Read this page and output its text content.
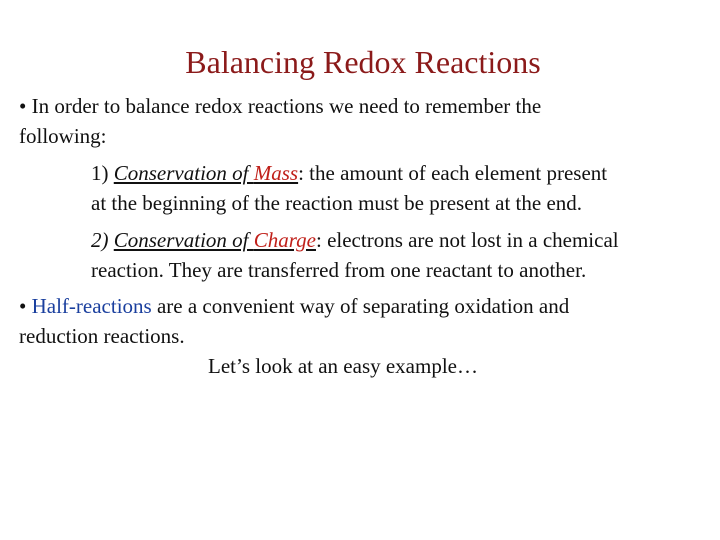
Balancing Redox Reactions
• In order to balance redox reactions we need to remember the
following:
1) Conservation of Mass: the amount of each element present
at the beginning of the reaction must be present at the end.
2) Conservation of Charge: electrons are not lost in a chemical
reaction. They are transferred from one reactant to another.
• Half-reactions are a convenient way of separating oxidation and
reduction reactions.
Let’s look at an easy example…
